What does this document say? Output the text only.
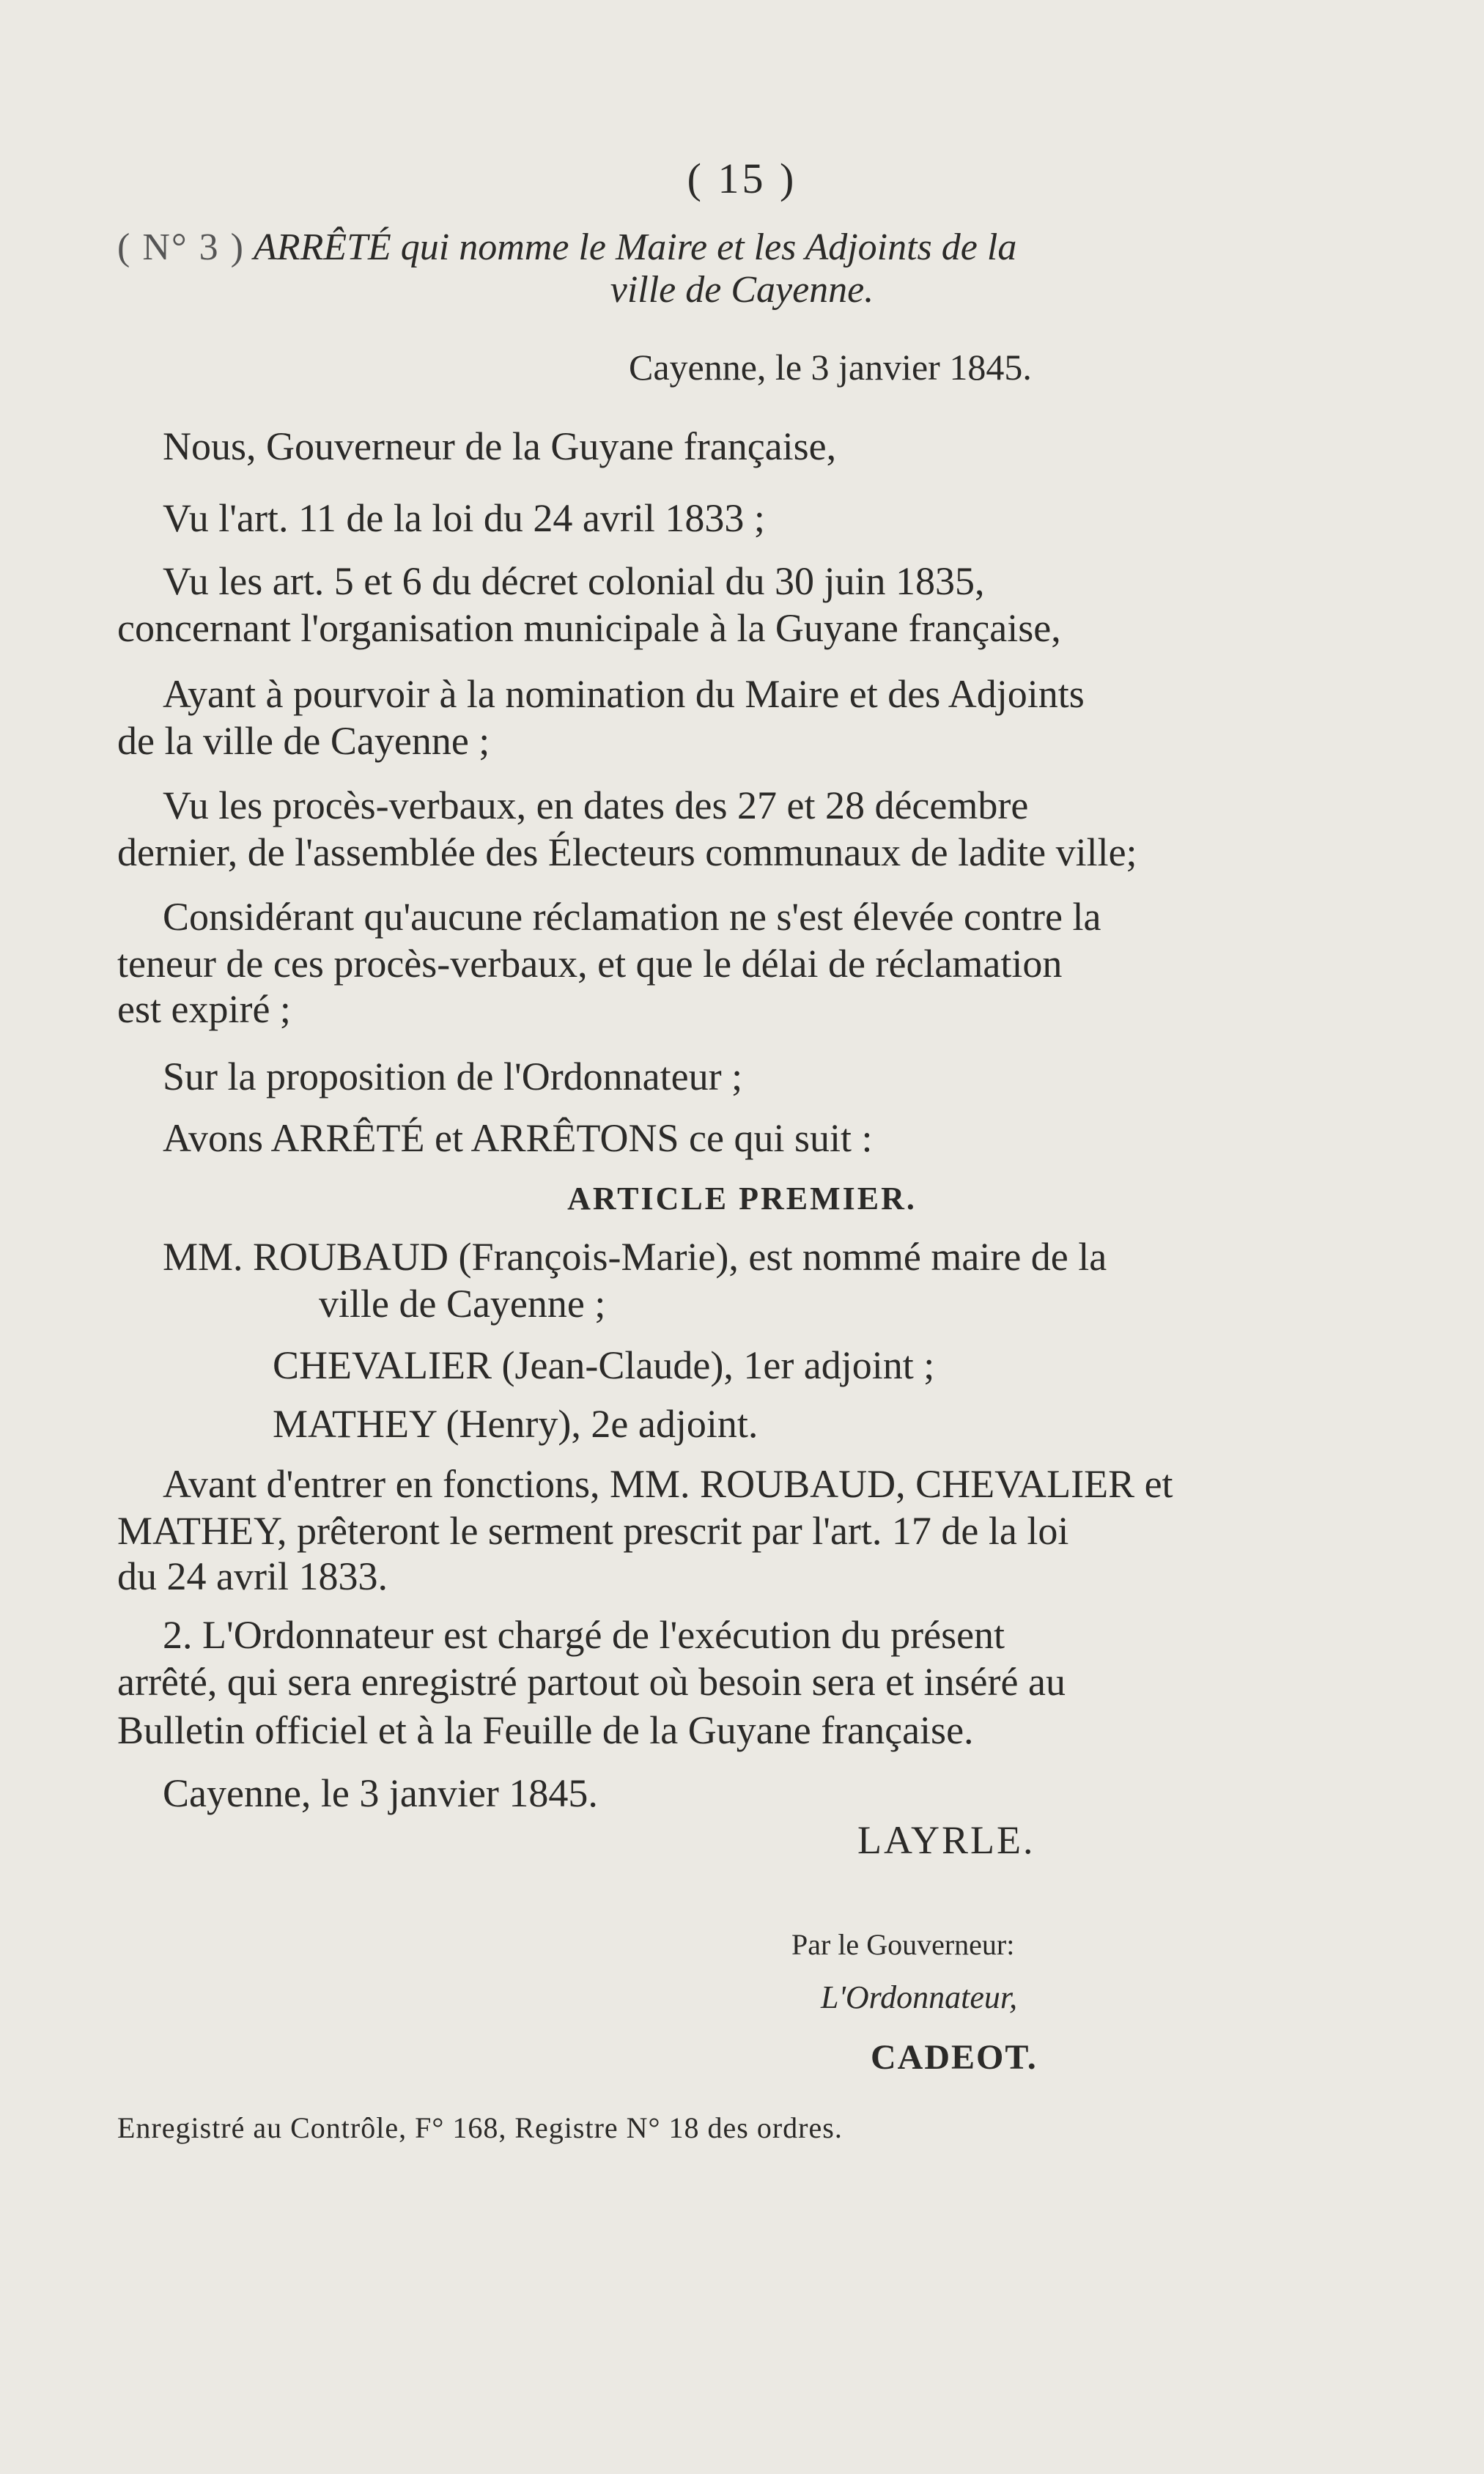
( 15 )
( N° 3 ) ARRÊTÉ qui nomme le Maire et les Adjoints de la
ville de Cayenne.
Cayenne, le 3 janvier 1845.
Nous, Gouverneur de la Guyane française,
Vu l'art. 11 de la loi du 24 avril 1833 ;
Vu les art. 5 et 6 du décret colonial du 30 juin 1835,
concernant l'organisation municipale à la Guyane française,
Ayant à pourvoir à la nomination du Maire et des Adjoints
de la ville de Cayenne ;
Vu les procès-verbaux, en dates des 27 et 28 décembre
dernier, de l'assemblée des Électeurs communaux de ladite ville;
Considérant qu'aucune réclamation ne s'est élevée contre la
teneur de ces procès-verbaux, et que le délai de réclamation
est expiré ;
Sur la proposition de l'Ordonnateur ;
Avons ARRÊTÉ et ARRÊTONS ce qui suit :
ARTICLE PREMIER.
MM. ROUBAUD (François-Marie), est nommé maire de la
ville de Cayenne ;
CHEVALIER (Jean-Claude), 1er adjoint ;
MATHEY (Henry), 2e adjoint.
Avant d'entrer en fonctions, MM. ROUBAUD, CHEVALIER et
MATHEY, prêteront le serment prescrit par l'art. 17 de la loi
du 24 avril 1833.
2. L'Ordonnateur est chargé de l'exécution du présent
arrêté, qui sera enregistré partout où besoin sera et inséré au
Bulletin officiel et à la Feuille de la Guyane française.
Cayenne, le 3 janvier 1845.
LAYRLE.
Par le Gouverneur:
L'Ordonnateur,
CADEOT.
Enregistré au Contrôle, F° 168, Registre N° 18 des ordres.
